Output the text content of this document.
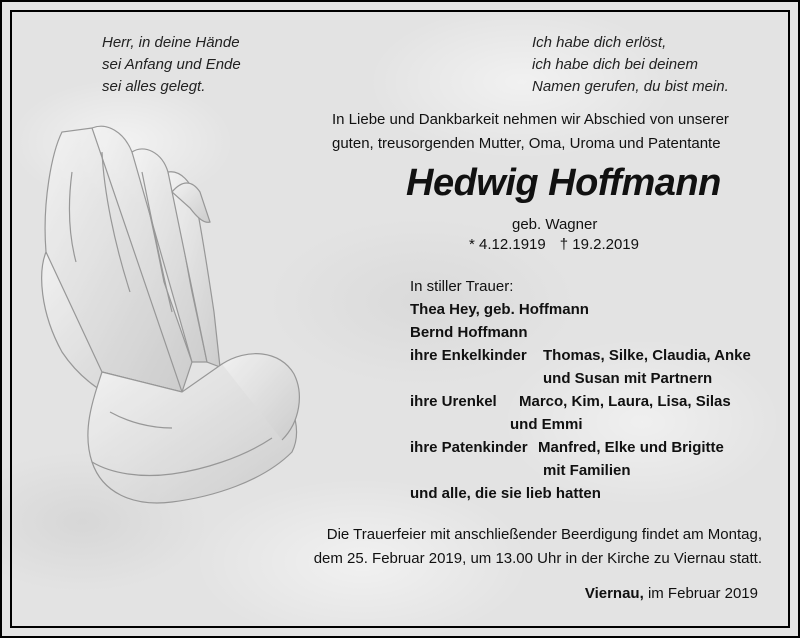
Herr, in deine Hände
sei Anfang und Ende
sei alles gelegt.
Ich habe dich erlöst,
ich habe dich bei deinem
Namen gerufen, du bist mein.
In Liebe und Dankbarkeit nehmen wir Abschied von unserer
guten, treusorgenden Mutter, Oma, Uroma und Patentante
Hedwig Hoffmann
geb. Wagner
* 4.12.1919 † 19.2.2019
In stiller Trauer:
Thea Hey, geb. Hoffmann
Bernd Hoffmann
ihre Enkelkinder Thomas, Silke, Claudia, Anke
und Susan mit Partnern
ihre Urenkel Marco, Kim, Laura, Lisa, Silas
und Emmi
ihre Patenkinder Manfred, Elke und Brigitte
mit Familien
und alle, die sie lieb hatten
Die Trauerfeier mit anschließender Beerdigung findet am Montag,
dem 25. Februar 2019, um 13.00 Uhr in der Kirche zu Viernau statt.
Viernau, im Februar 2019
